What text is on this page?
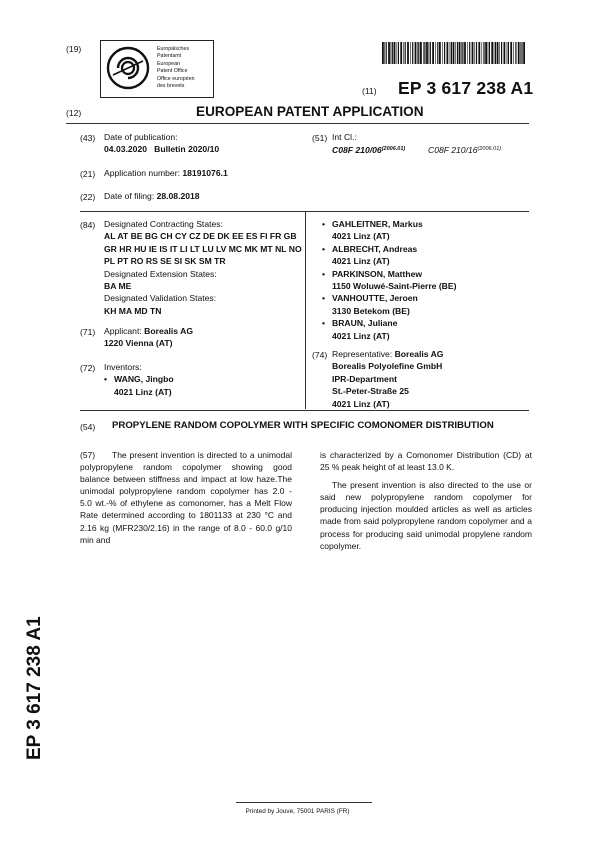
(19)	Europäisches
Patentamt
European
Patent Office
Office européen
des brevets	(11) EP 3 617 238 A1
(12)	EUROPEAN PATENT APPLICATION
(43) Date of publication:
04.03.2020   Bulletin 2020/10
(21) Application number: 18191076.1
(22) Date of filing: 28.08.2018
(51) Int Cl.:
C08F $210/06^{(2006.01)}$	C08F $210/16^{(2006.01)}$
(84) Designated Contracting States:
AL AT BE BG CH CY CZ DE DK EE ES FI FR GB
GR HR HU IE IS IT LI LT LU LV MC MK MT NL NO
PL PT RO RS SE SI SK SM TR
Designated Extension States:
BA ME
Designated Validation States:
KH MA MD TN
(71) Applicant: Borealis AG
1220 Vienna (AT)
(72) Inventors:
• WANG, Jingbo
4021 Linz (AT)
• GAHLEITNER, Markus
4021 Linz (AT)
• ALBRECHT, Andreas
4021 Linz (AT)
• PARKINSON, Matthew
1150 Woluwé-Saint-Pierre (BE)
• VANHOUTTE, Jeroen
3130 Betekom (BE)
• BRAUN, Juliane
4021 Linz (AT)
(74) Representative: Borealis AG
Borealis Polyolefine GmbH
IPR-Department
St.-Peter-Straße 25
4021 Linz (AT)
(54) PROPYLENE RANDOM COPOLYMER WITH SPECIFIC COMONOMER DISTRIBUTION
(57) The present invention is directed to a unimodal polypropylene random copolymer showing good balance between stiffness and impact at low haze.The unimodal polypropylene random copolymer has 2.0 - 5.0 wt.-% of ethylene as comonomer, has a Melt Flow Rate determined according to 1801133 at 230 °C and 2.16 kg (MFR230/2.16) in the range of 8.0 - 60.0 g/10 min and
is characterized by a Comonomer Distribution (CD) at 25 % peak height of at least 13.0 K.
The present invention is also directed to the use or said new polypropylene random copolymer for producing injection moulded articles as well as articles made from said polypropylene random copolymer and a process for producing said unimodal propylene random copolymer.
EP 3 617 238 A1
Printed by Jouve, 75001 PARIS (FR)
